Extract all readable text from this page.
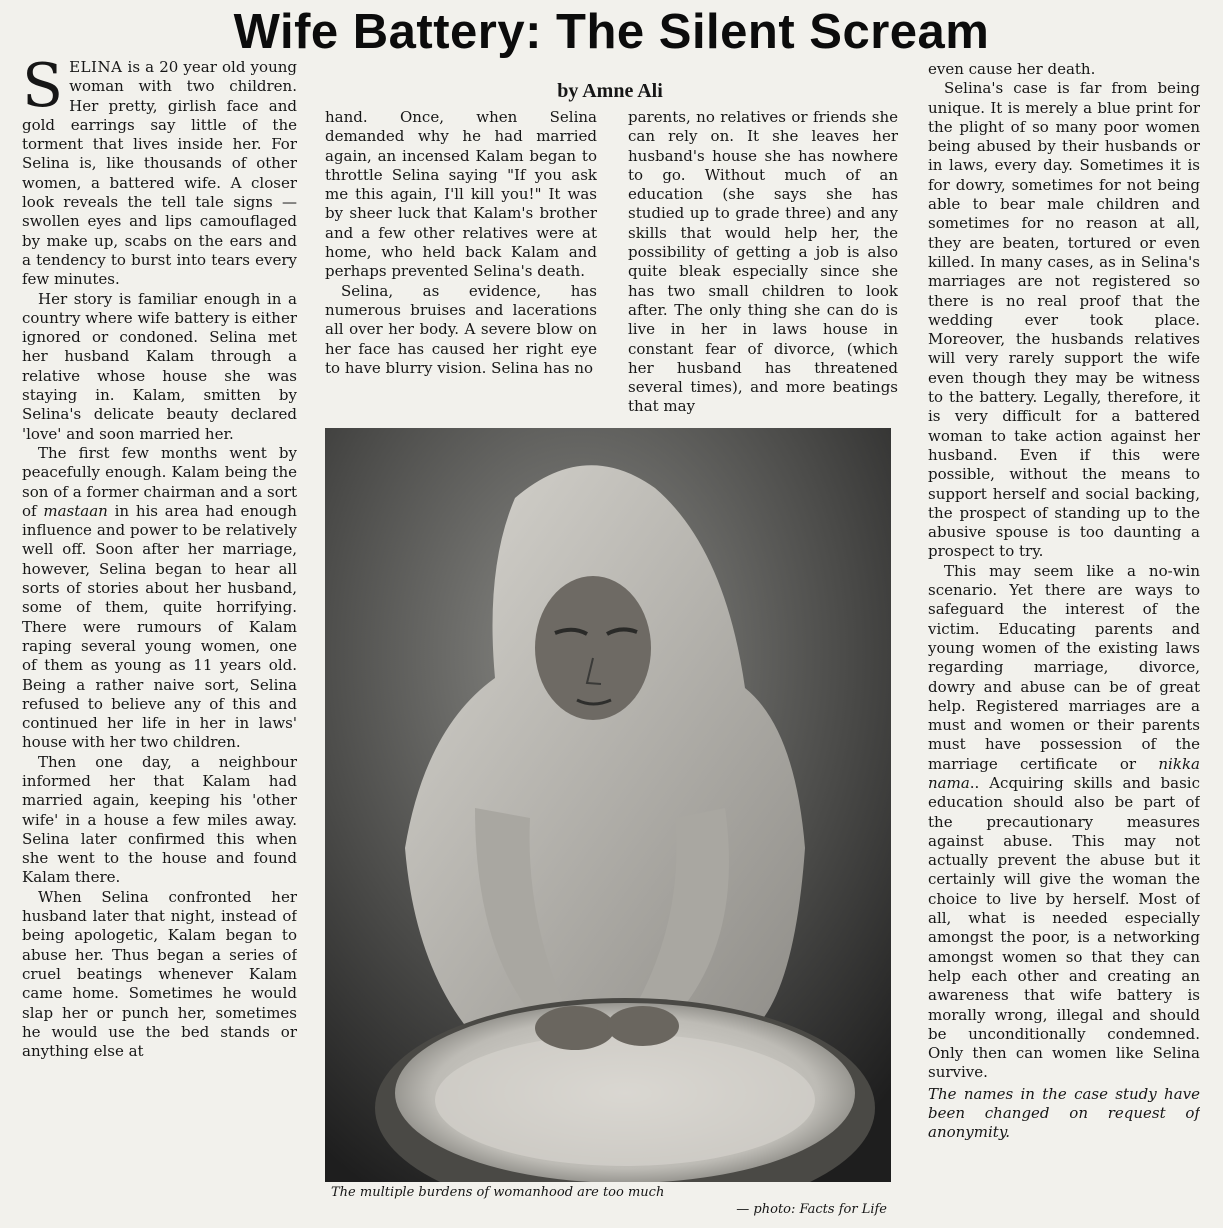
Wife Battery: The Silent Scream
by Amne Ali

SELINA is a 20 year old young woman with two children. Her pretty, girlish face and gold earrings say little of the torment that lives inside her. For Selina is, like thousands of other women, a battered wife. A closer look reveals the tell tale signs — swollen eyes and lips camouflaged by make up, scabs on the ears and a tendency to burst into tears every few minutes.

Her story is familiar enough in a country where wife battery is either ignored or condoned. Selina met her husband Kalam through a relative whose house she was staying in. Kalam, smitten by Selina's delicate beauty declared 'love' and soon married her.

The first few months went by peacefully enough. Kalam being the son of a former chairman and a sort of mastaan in his area had enough influence and power to be relatively well off. Soon after her marriage, however, Selina began to hear all sorts of stories about her husband, some of them, quite horrifying. There were rumours of Kalam raping several young women, one of them as young as 11 years old. Being a rather naive sort, Selina refused to believe any of this and continued her life in her in laws' house with her two children.

Then one day, a neighbour informed her that Kalam had married again, keeping his 'other wife' in a house a few miles away. Selina later confirmed this when she went to the house and found Kalam there.

When Selina confronted her husband later that night, instead of being apologetic, Kalam began to abuse her. Thus began a series of cruel beatings whenever Kalam came home. Sometimes he would slap her or punch her, sometimes he would use the bed stands or anything else at

hand. Once, when Selina demanded why he had married again, an incensed Kalam began to throttle Selina saying "If you ask me this again, I'll kill you!" It was by sheer luck that Kalam's brother and a few other relatives were at home, who held back Kalam and perhaps prevented Selina's death.

Selina, as evidence, has numerous bruises and lacerations all over her body. A severe blow on her face has caused her right eye to have blurry vision. Selina has no

parents, no relatives or friends she can rely on. It she leaves her husband's house she has nowhere to go. Without much of an education (she says she has studied up to grade three) and any skills that would help her, the possibility of getting a job is also quite bleak especially since she has two small children to look after. The only thing she can do is live in her in laws house in constant fear of divorce, (which her husband has threatened several times), and more beatings that may

even cause her death.

Selina's case is far from being unique. It is merely a blue print for the plight of so many poor women being abused by their husbands or in laws, every day. Sometimes it is for dowry, sometimes for not being able to bear male children and sometimes for no reason at all, they are beaten, tortured or even killed. In many cases, as in Selina's marriages are not registered so there is no real proof that the wedding ever took place. Moreover, the husbands relatives will very rarely support the wife even though they may be witness to the battery. Legally, therefore, it is very difficult for a battered woman to take action against her husband. Even if this were possible, without the means to support herself and social backing, the prospect of standing up to the abusive spouse is too daunting a prospect to try.

This may seem like a no-win scenario. Yet there are ways to safeguard the interest of the victim. Educating parents and young women of the existing laws regarding marriage, divorce, dowry and abuse can be of great help. Registered marriages are a must and women or their parents must have possession of the marriage certificate or nikka nama.. Acquiring skills and basic education should also be part of the precautionary measures against abuse. This may not actually prevent the abuse but it certainly will give the woman the choice to live by herself. Most of all, what is needed especially amongst the poor, is a networking amongst women so that they can help each other and creating an awareness that wife battery is morally wrong, illegal and should be unconditionally condemned. Only then can women like Selina survive.

The names in the case study have been changed on request of anonymity.

The multiple burdens of womanhood are too much
— photo: Facts for Life
